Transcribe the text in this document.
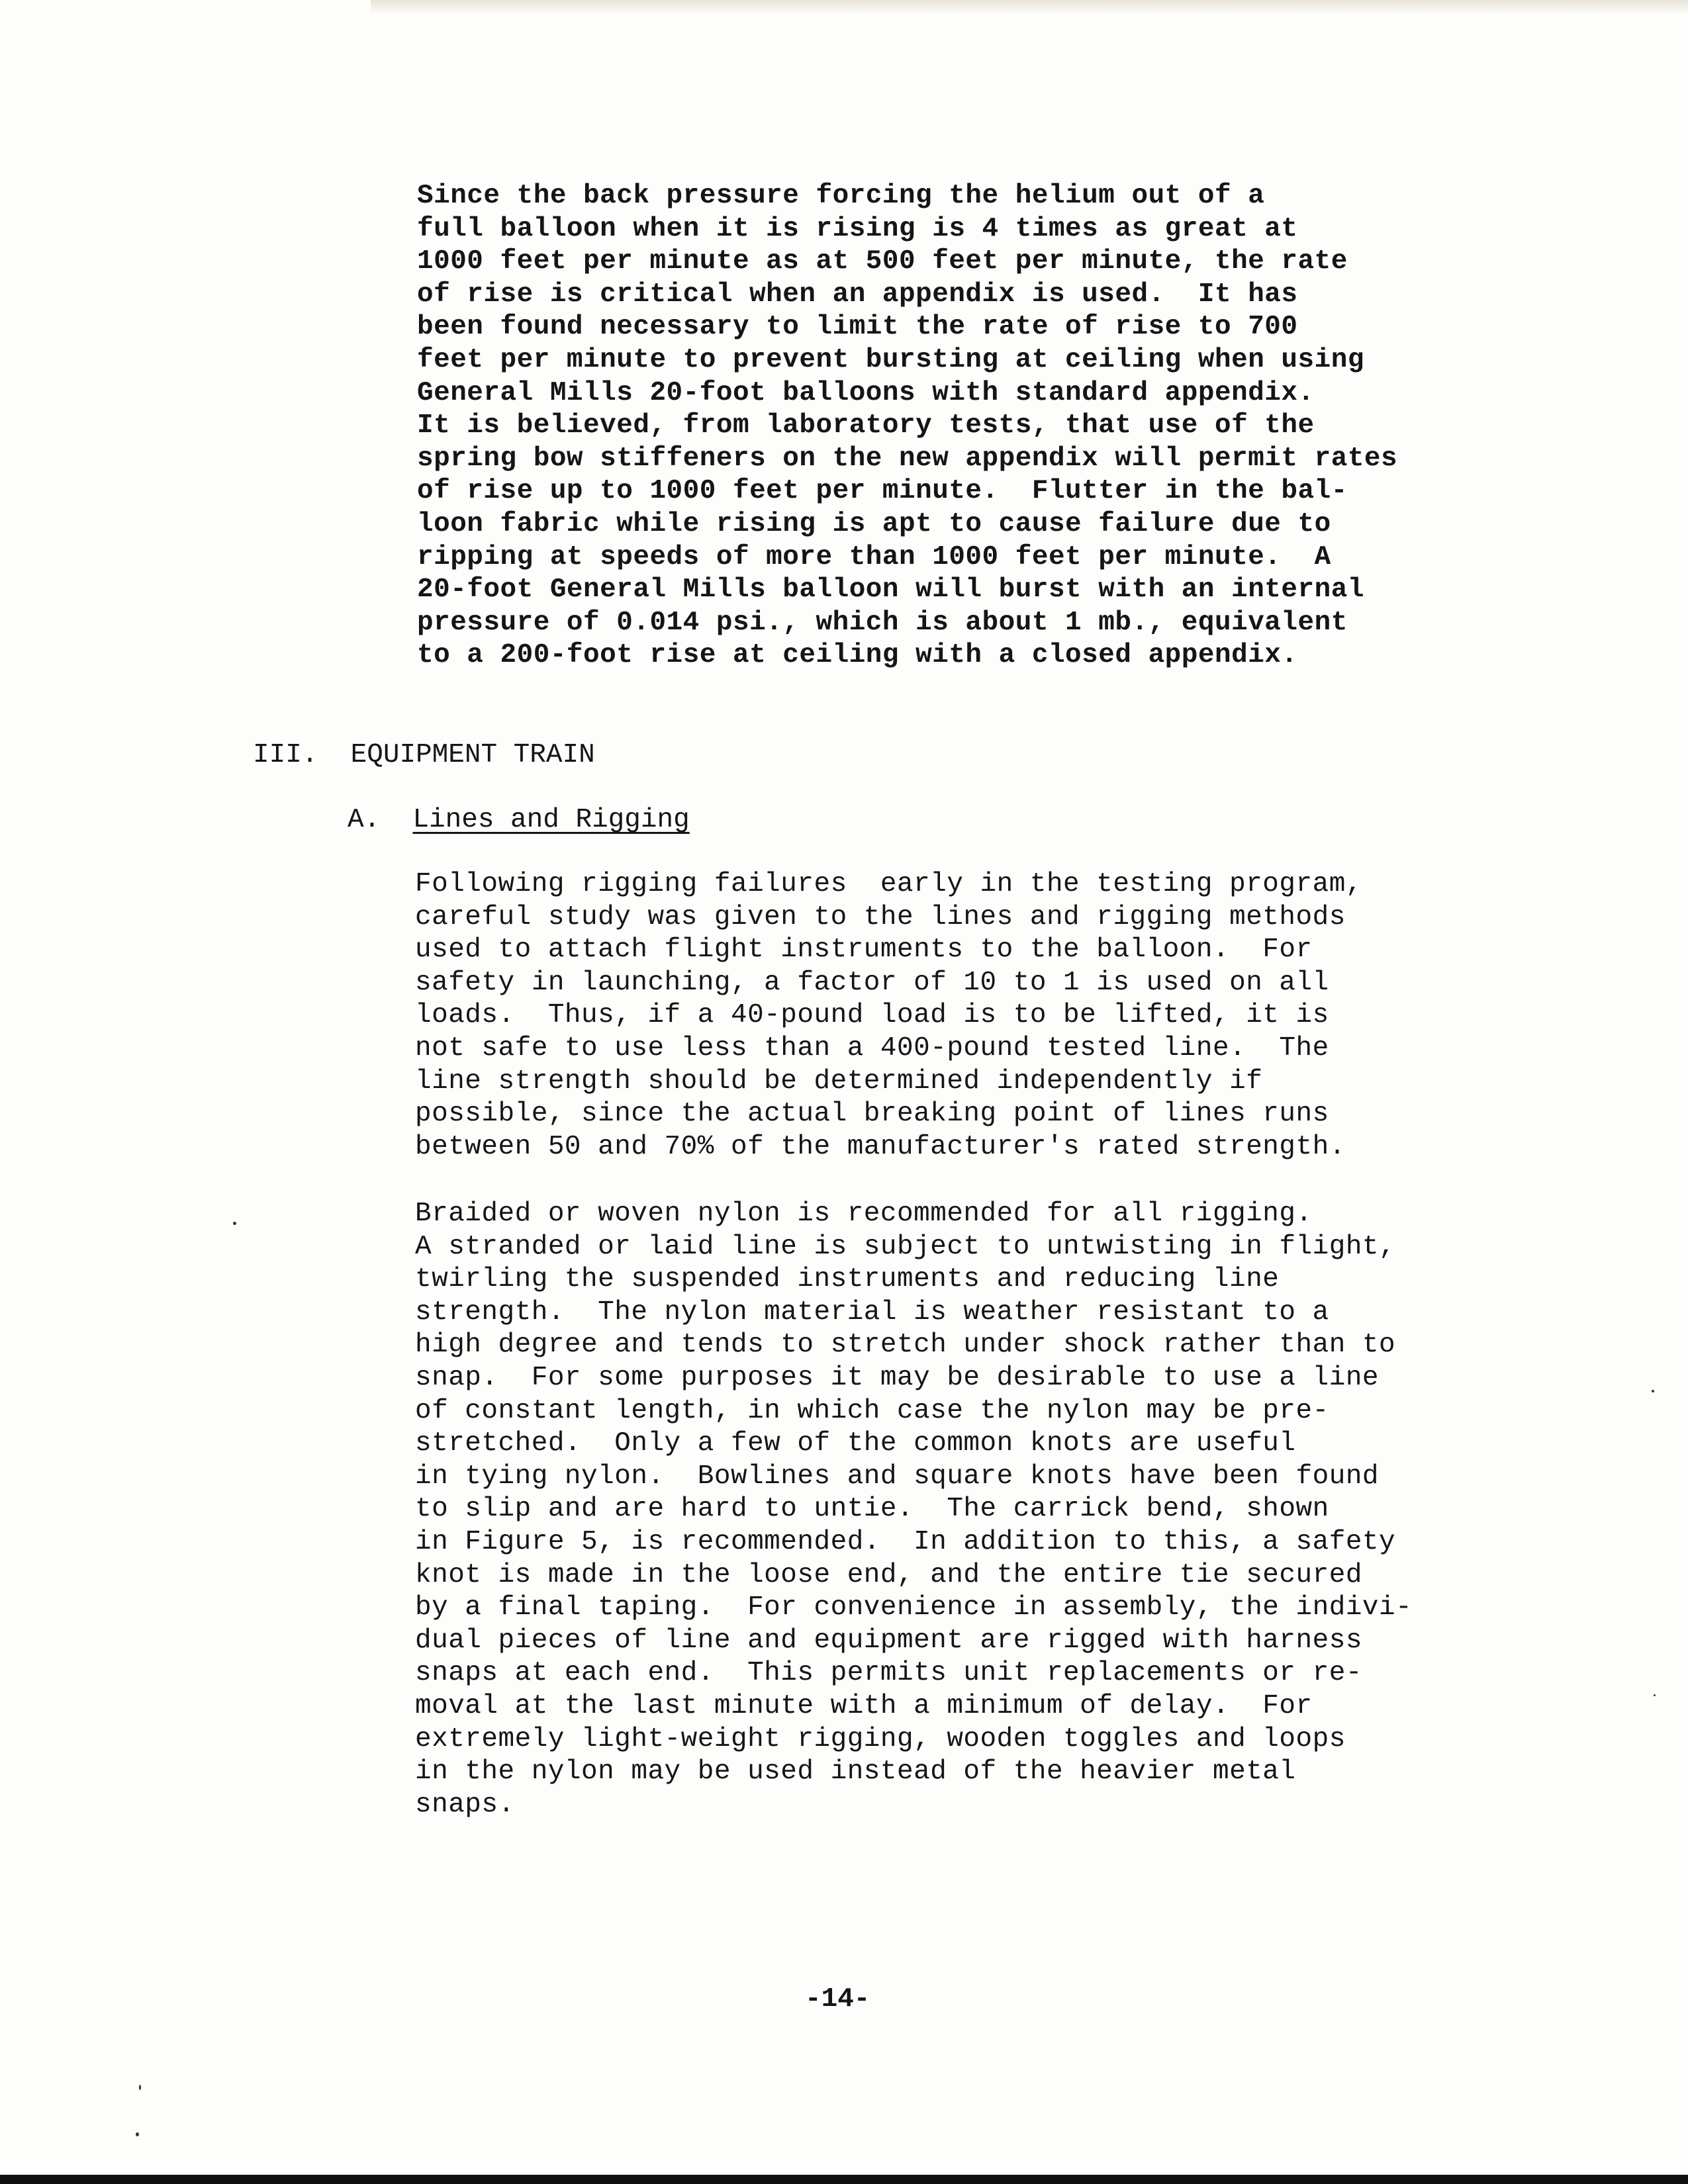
Since the back pressure forcing the helium out of a
full balloon when it is rising is 4 times as great at
1000 feet per minute as at 500 feet per minute, the rate
of rise is critical when an appendix is used.  It has
been found necessary to limit the rate of rise to 700
feet per minute to prevent bursting at ceiling when using
General Mills 20-foot balloons with standard appendix.
It is believed, from laboratory tests, that use of the
spring bow stiffeners on the new appendix will permit rates
of rise up to 1000 feet per minute.  Flutter in the bal-
loon fabric while rising is apt to cause failure due to
ripping at speeds of more than 1000 feet per minute.  A
20-foot General Mills balloon will burst with an internal
pressure of 0.014 psi., which is about 1 mb., equivalent
to a 200-foot rise at ceiling with a closed appendix.
III. EQUIPMENT TRAIN
A. Lines and Rigging
Following rigging failures  early in the testing program,
careful study was given to the lines and rigging methods
used to attach flight instruments to the balloon.  For
safety in launching, a factor of 10 to 1 is used on all
loads.  Thus, if a 40-pound load is to be lifted, it is
not safe to use less than a 400-pound tested line.  The
line strength should be determined independently if
possible, since the actual breaking point of lines runs
between 50 and 70% of the manufacturer's rated strength.
Braided or woven nylon is recommended for all rigging.
A stranded or laid line is subject to untwisting in flight,
twirling the suspended instruments and reducing line
strength.  The nylon material is weather resistant to a
high degree and tends to stretch under shock rather than to
snap.  For some purposes it may be desirable to use a line
of constant length, in which case the nylon may be pre-
stretched.  Only a few of the common knots are useful
in tying nylon.  Bowlines and square knots have been found
to slip and are hard to untie.  The carrick bend, shown
in Figure 5, is recommended.  In addition to this, a safety
knot is made in the loose end, and the entire tie secured
by a final taping.  For convenience in assembly, the indivi-
dual pieces of line and equipment are rigged with harness
snaps at each end.  This permits unit replacements or re-
moval at the last minute with a minimum of delay.  For
extremely light-weight rigging, wooden toggles and loops
in the nylon may be used instead of the heavier metal
snaps.
-14-
